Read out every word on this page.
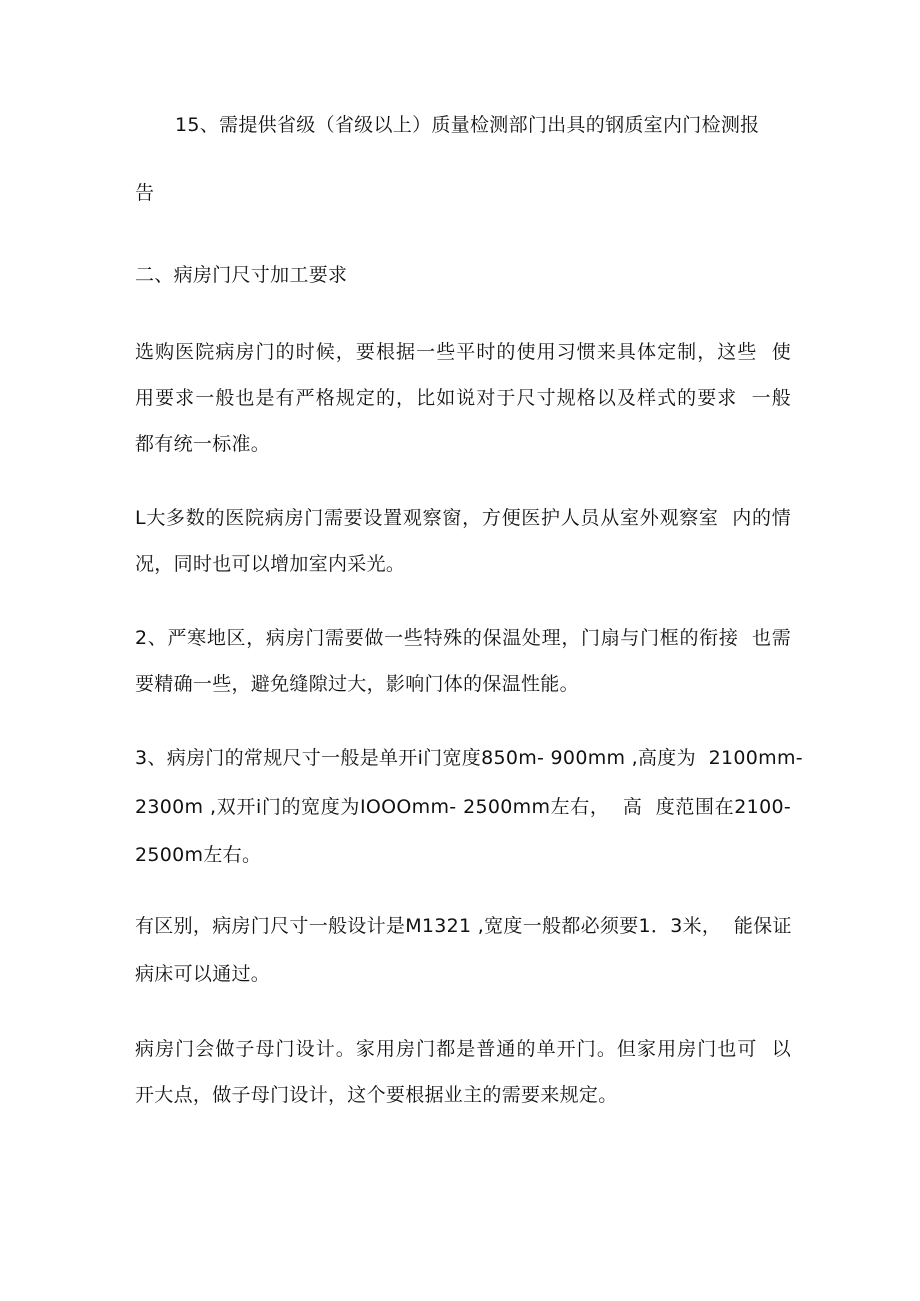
15、需提供省级（省级以上）质量检测部门出具的钢质室内门检测报
告
二、病房门尺寸加工要求
选购医院病房门的时候，要根据一些平时的使用习惯来具体定制，这些  使
用要求一般也是有严格规定的，比如说对于尺寸规格以及样式的要求  一般
都有统一标准。
L大多数的医院病房门需要设置观察窗，方便医护人员从室外观察室  内的情
况，同时也可以增加室内采光。
2、严寒地区，病房门需要做一些特殊的保温处理，门扇与门框的衔接  也需
要精确一些，避免缝隙过大，影响门体的保温性能。
3、病房门的常规尺寸一般是单开i门宽度850m- 900mm ,高度为  2100mm-
2300m ,双开i门的宽度为IOOOmm- 2500mm左右，  高  度范围在2100-
2500m左右。
有区别，病房门尺寸一般设计是M1321 ,宽度一般都必须要1．3米，  能保证
病床可以通过。
病房门会做子母门设计。家用房门都是普通的单开门。但家用房门也可  以
开大点，做子母门设计，这个要根据业主的需要来规定。
